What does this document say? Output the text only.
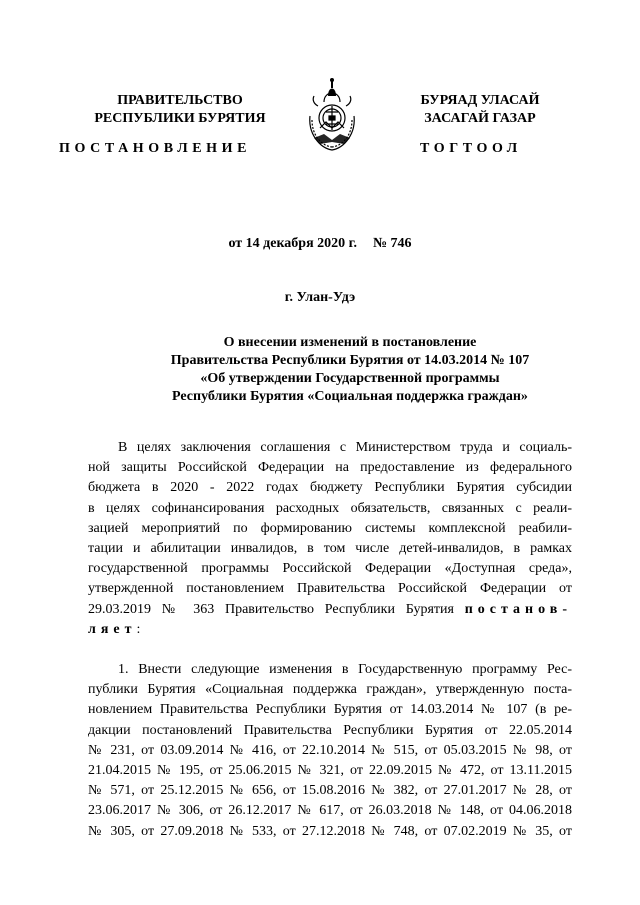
ПРАВИТЕЛЬСТВО
РЕСПУБЛИКИ БУРЯТИЯ
БУРЯАД УЛАСАЙ
ЗАСАГАЙ ГАЗАР
ПОСТАНОВЛЕНИЕ	ТОГТООЛ
от 14 декабря 2020 г. № 746
г. Улан-Удэ
О внесении изменений в постановление
Правительства Республики Бурятия от 14.03.2014 № 107
«Об утверждении Государственной программы
Республики Бурятия «Социальная поддержка граждан»
В целях заключения соглашения с Министерством труда и социаль-
ной защиты Российской Федерации на предоставление из федерального
бюджета в 2020 - 2022 годах бюджету Республики Бурятия субсидии
в целях софинансирования расходных обязательств, связанных с реали-
зацией мероприятий по формированию системы комплексной реабили-
тации и абилитации инвалидов, в том числе детей-инвалидов, в рамках
государственной программы Российской Федерации «Доступная среда»,
утвержденной постановлением Правительства Российской Федерации от
29.03.2019 № 363 Правительство Республики Бурятия постанов-
ляет:
1. Внести следующие изменения в Государственную программу Рес-
публики Бурятия «Социальная поддержка граждан», утвержденную поста-
новлением Правительства Республики Бурятия от 14.03.2014 № 107 (в ре-
дакции постановлений Правительства Республики Бурятия от 22.05.2014
№ 231, от 03.09.2014 № 416, от 22.10.2014 № 515, от 05.03.2015 № 98, от
21.04.2015 № 195, от 25.06.2015 № 321, от 22.09.2015 № 472, от 13.11.2015
№ 571, от 25.12.2015 № 656, от 15.08.2016 № 382, от 27.01.2017 № 28, от
23.06.2017 № 306, от 26.12.2017 № 617, от 26.03.2018 № 148, от 04.06.2018
№ 305, от 27.09.2018 № 533, от 27.12.2018 № 748, от 07.02.2019 № 35, от
